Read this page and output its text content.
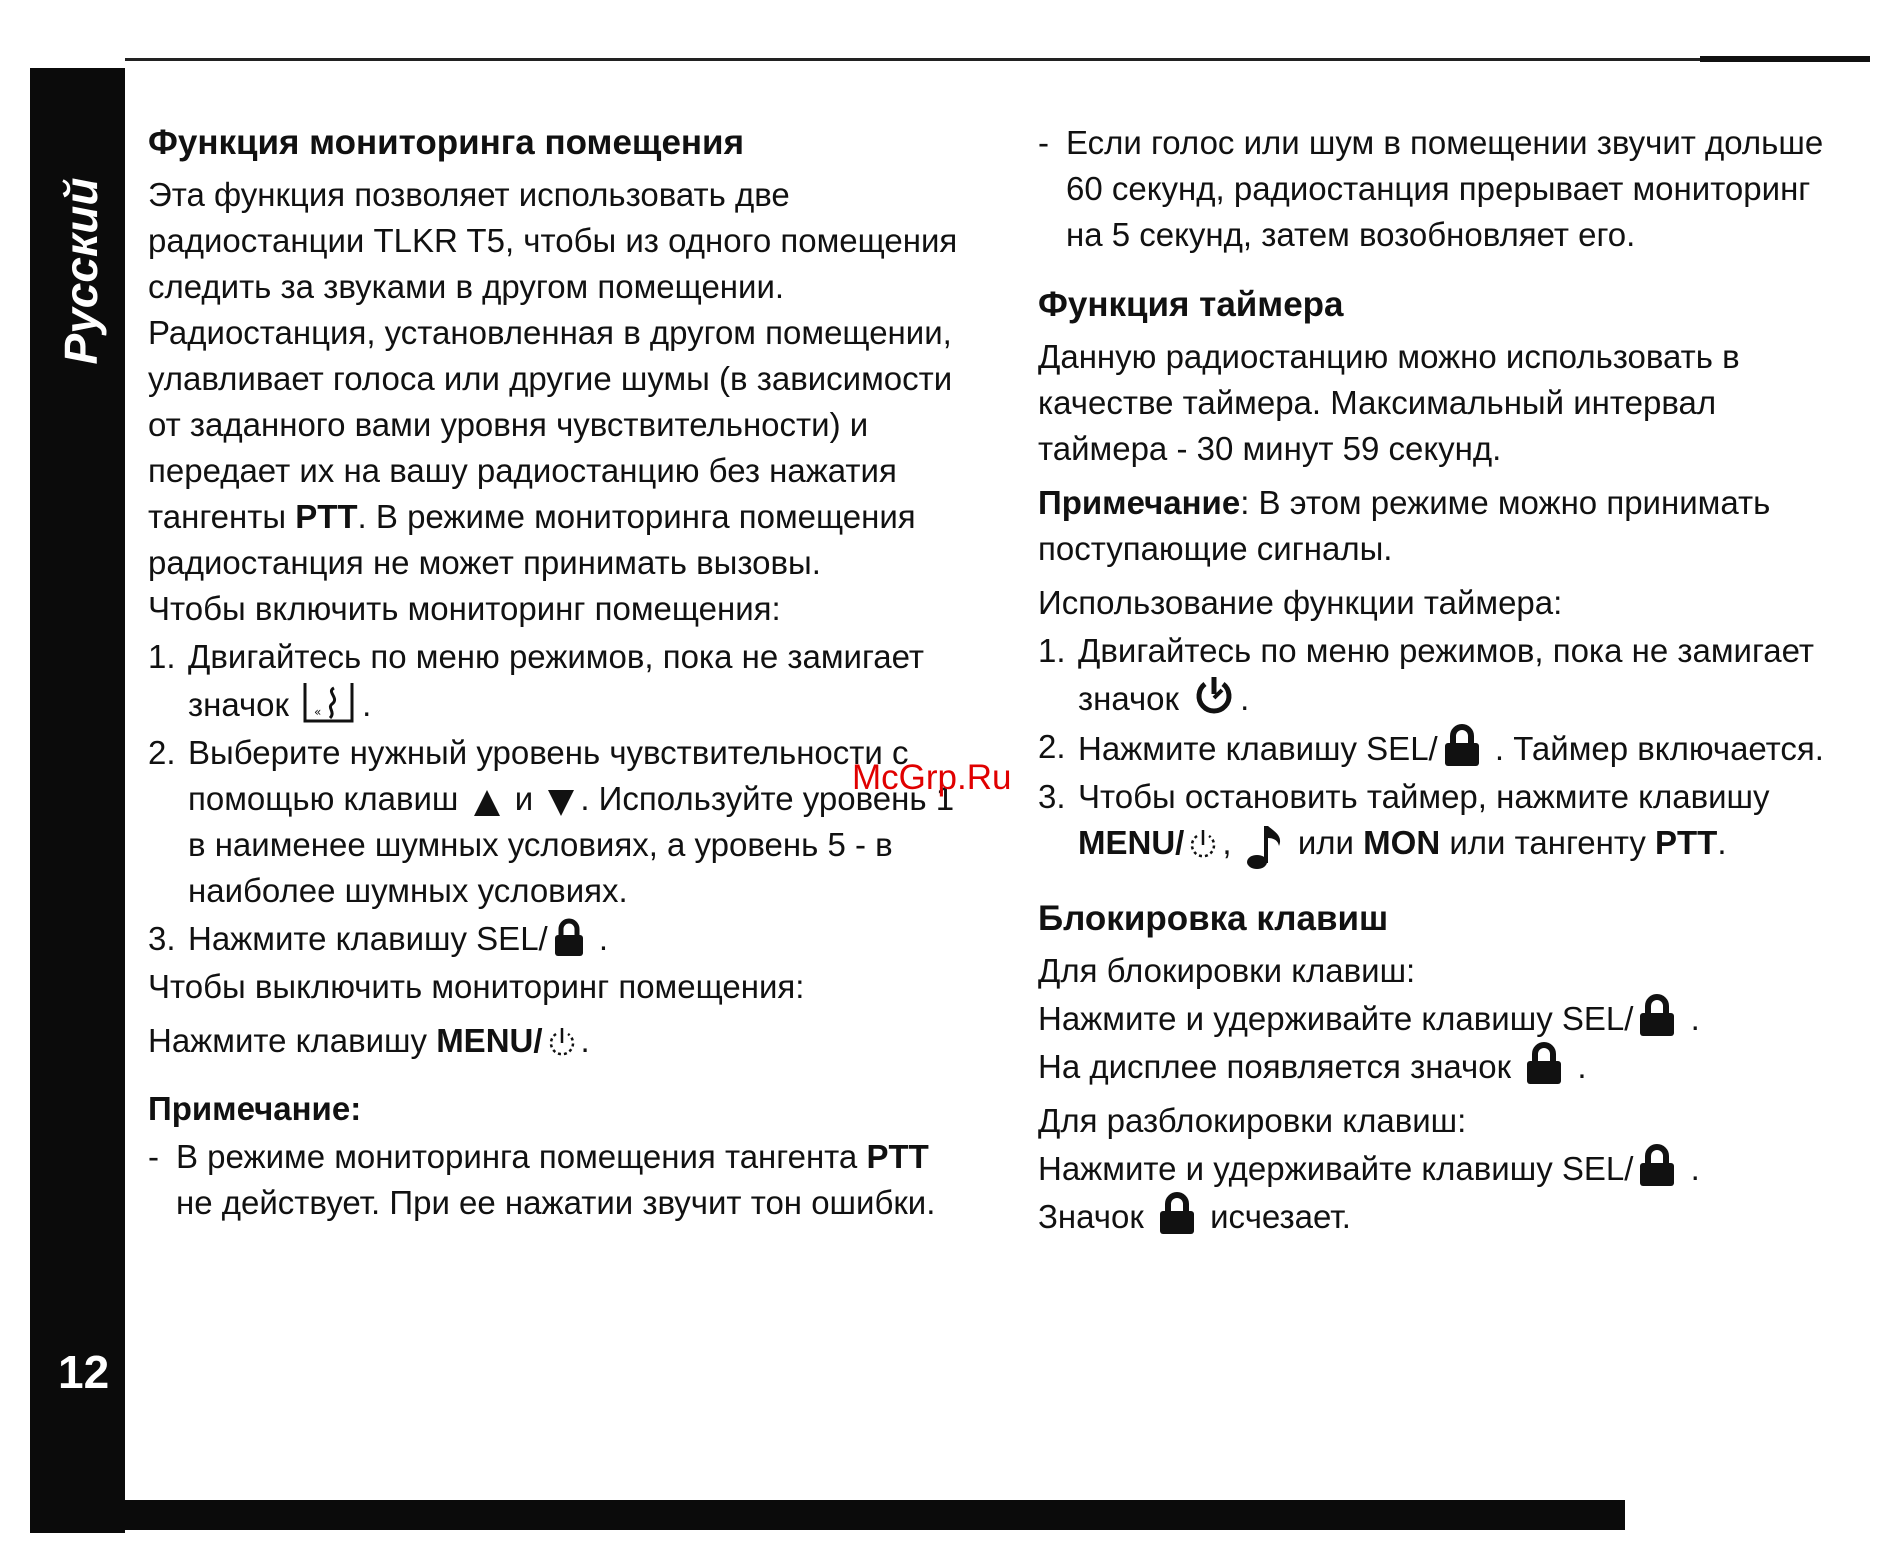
Русский
12
Функция мониторинга помещения

Эта функция позволяет использовать две радиостанции TLKR T5, чтобы из одного помещения следить за звуками в другом помещении. Радиостанция, установленная в другом помещении, улавливает голоса или другие шумы (в зависимости от заданного вами уровня чувствительности) и передает их на вашу радиостанцию без нажатия тангенты PTT. В режиме мониторинга помещения радиостанция не может принимать вызовы.

Чтобы включить мониторинг помещения:

1. Двигайтесь по меню режимов, пока не замигает значок « .
2. Выберите нужный уровень чувствительности с помощью клавиш и . Используйте уровень 1 в наименее шумных условиях, а уровень 5 - в наиболее шумных условиях.
3. Нажмите клавишу SEL/ .

Чтобы выключить мониторинг помещения:

Нажмите клавишу MENU/ .

Примечание:

- В режиме мониторинга помещения тангента PTT не действует. При ее нажатии звучит тон ошибки.
- Если голос или шум в помещении звучит дольше 60 секунд, радиостанция прерывает мониторинг на 5 секунд, затем возобновляет его.
Функция таймера

Данную радиостанцию можно использовать в качестве таймера. Максимальный интервал таймера - 30 минут 59 секунд.

Примечание: В этом режиме можно принимать поступающие сигналы.

Использование функции таймера:

1. Двигайтесь по меню режимов, пока не замигает значок .
2. Нажмите клавишу SEL/ . Таймер включается.
3. Чтобы остановить таймер, нажмите клавишу MENU/ ,  или MON или тангенту PTT.
Блокировка клавиш

Для блокировки клавиш:

Нажмите и удерживайте клавишу SEL/ .

На дисплее появляется значок  .

Для разблокировки клавиш:

Нажмите и удерживайте клавишу SEL/ .

Значок исчезает.

McGrp.Ru
